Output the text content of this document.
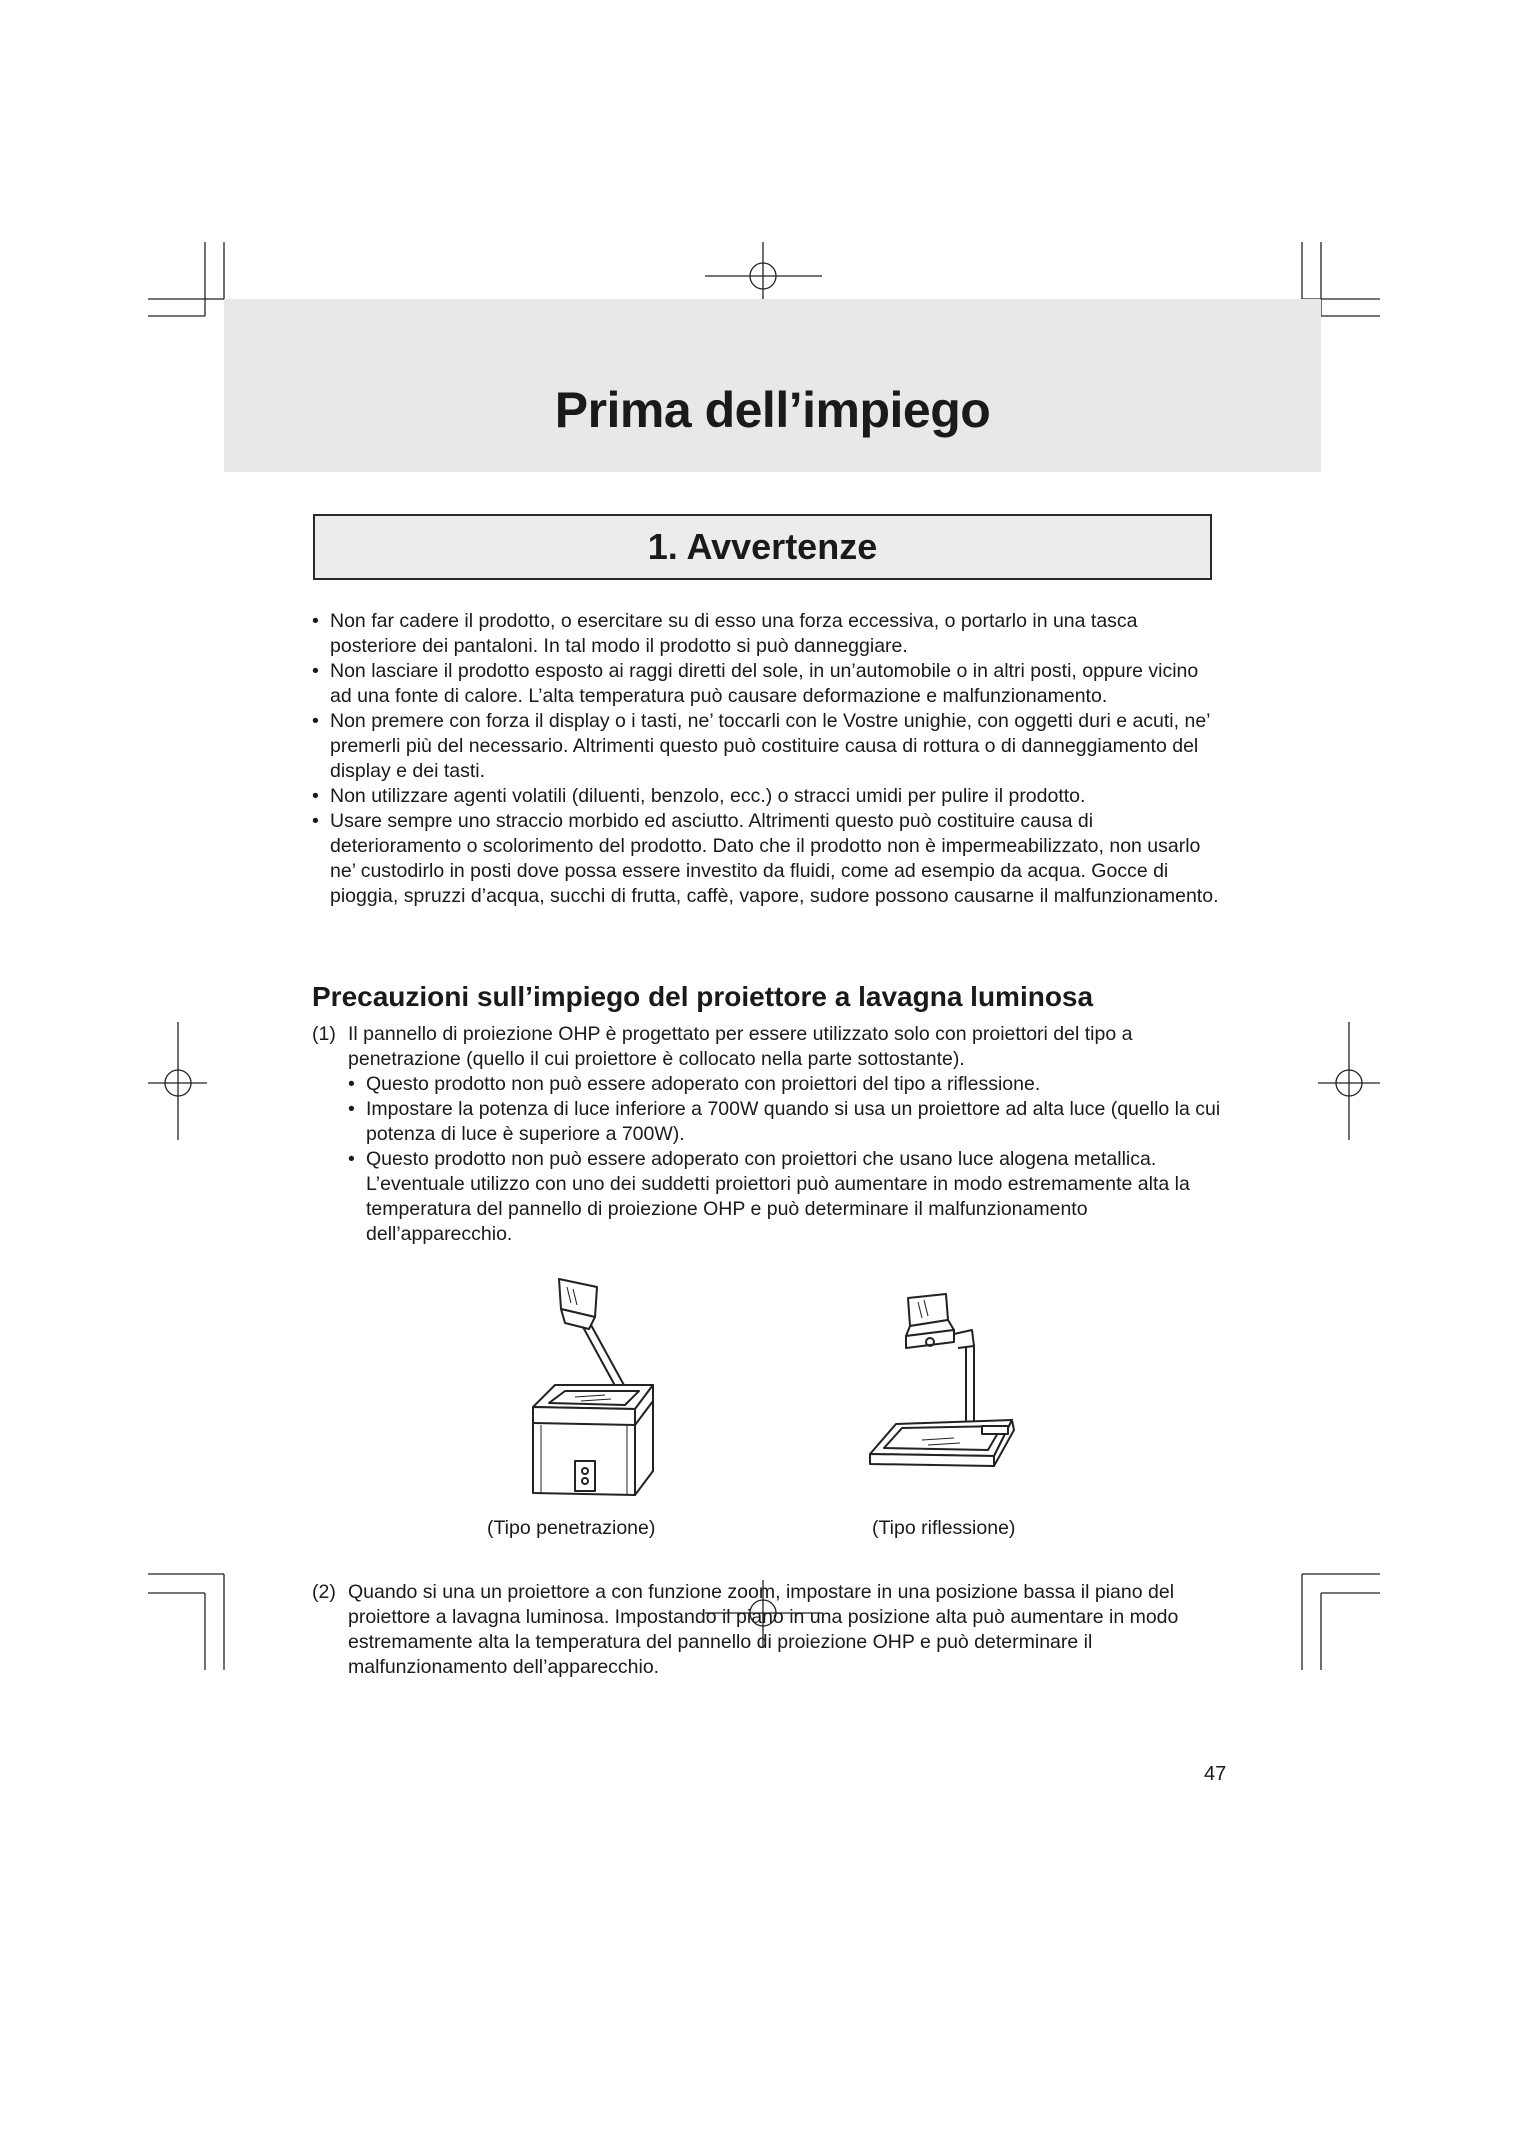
Prima dell’impiego
1. Avvertenze
• Non far cadere il prodotto, o esercitare su di esso una forza eccessiva, o portarlo in una tasca posteriore dei pantaloni. In tal modo il prodotto si può danneggiare.
• Non lasciare il prodotto esposto ai raggi diretti del sole, in un’automobile o in altri posti, oppure vicino ad una fonte di calore. L’alta temperatura può causare deformazione e malfunzionamento.
• Non premere con forza il display o i tasti, ne’ toccarli con le Vostre unighie, con oggetti duri e acuti, ne’ premerli più del necessario. Altrimenti questo può costituire causa di rottura o di danneggiamento del display e dei tasti.
• Non utilizzare agenti volatili (diluenti, benzolo, ecc.) o stracci umidi per pulire il prodotto.
• Usare sempre uno straccio morbido ed asciutto. Altrimenti questo può costituire causa di deterioramento o scolorimento del prodotto. Dato che il prodotto non è impermeabilizzato, non usarlo ne’ custodirlo in posti dove possa essere investito da fluidi, come ad esempio da acqua. Gocce di pioggia, spruzzi d’acqua, succhi di frutta, caffè, vapore, sudore possono causarne il malfunzionamento.
Precauzioni sull’impiego del proiettore a lavagna luminosa
(1) Il pannello di proiezione OHP è progettato per essere utilizzato solo con proiettori del tipo a penetrazione (quello il cui proiettore è collocato nella parte sottostante).
• Questo prodotto non può essere adoperato con proiettori del tipo a riflessione.
• Impostare la potenza di luce inferiore a 700W quando si usa un proiettore ad alta luce (quello la cui potenza di luce è superiore a 700W).
• Questo prodotto non può essere adoperato con proiettori che usano luce alogena metallica. L’eventuale utilizzo con uno dei suddetti proiettori può aumentare in modo estremamente alta la temperatura del pannello di proiezione OHP e può determinare il malfunzionamento dell’apparecchio.
(Tipo penetrazione)	(Tipo riflessione)
(2) Quando si una un proiettore a con funzione zoom, impostare in una posizione bassa il piano del proiettore a lavagna luminosa. Impostando il piano in una posizione alta può aumentare in modo estremamente alta la temperatura del pannello di proiezione OHP e può determinare il malfunzionamento dell’apparecchio.
47
